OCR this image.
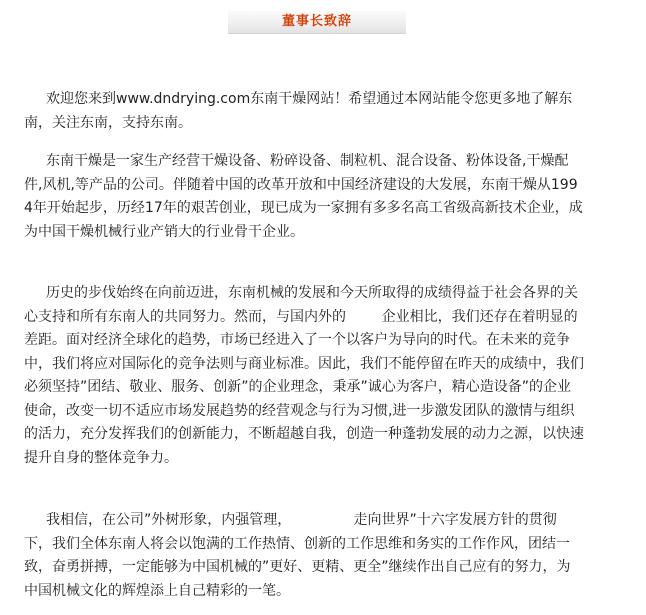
董事长致辞

欢迎您来到www.dndrying.com东南干燥网站！希望通过本网站能令您更多地了解东南，关注东南，支持东南。

东南干燥是一家生产经营干燥设备、粉碎设备、制粒机、混合设备、粉体设备,干燥配件,风机,等产品的公司。伴随着中国的改革开放和中国经济建设的大发展，东南干燥从1994年开始起步，历经17年的艰苦创业，现已成为一家拥有多多名高工省级高新技术企业，成为中国干燥机械行业产销大的行业骨干企业。

历史的步伐始终在向前迈进，东南机械的发展和今天所取得的成绩得益于社会各界的关心支持和所有东南人的共同努力。然而，与国内外的        企业相比，我们还存在着明显的差距。面对经济全球化的趋势，市场已经进入了一个以客户为导向的时代。在未来的竞争中，我们将应对国际化的竞争法则与商业标准。因此，我们不能停留在昨天的成绩中，我们必须坚持”团结、敬业、服务、创新”的企业理念，秉承”诚心为客户，精心造设备”的企业使命，改变一切不适应市场发展趋势的经营观念与行为习惯,进一步激发团队的激情与组织的活力，充分发挥我们的创新能力，不断超越自我，创造一种蓬勃发展的动力之源，以快速提升自身的整体竞争力。

我相信，在公司”外树形象，内强管理，              走向世界”十六字发展方针的贯彻下，我们全体东南人将会以饱满的工作热情、创新的工作思维和务实的工作作风，团结一致，奋勇拼搏，一定能够为中国机械的”更好、更精、更全”继续作出自己应有的努力，为中国机械文化的辉煌添上自己精彩的一笔。
